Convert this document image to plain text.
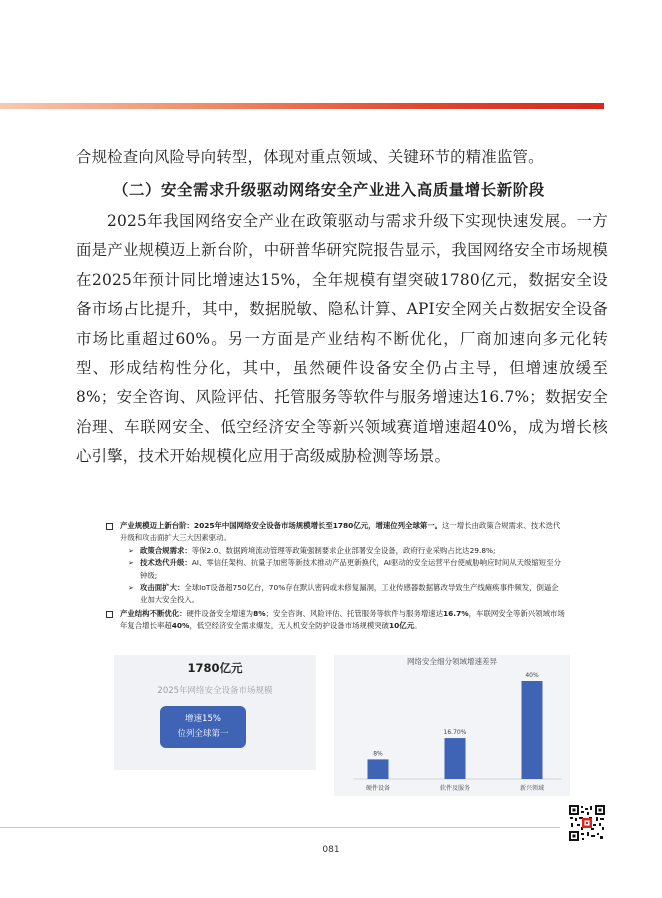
合规检查向风险导向转型，体现对重点领域、关键环节的精准监管。

（二）安全需求升级驱动网络安全产业进入高质量增长新阶段

2025年我国网络安全产业在政策驱动与需求升级下实现快速发展。一方面是产业规模迈上新台阶，中研普华研究院报告显示，我国网络安全市场规模在2025年预计同比增速达15%，全年规模有望突破1780亿元，数据安全设备市场占比提升，其中，数据脱敏、隐私计算、API安全网关占数据安全设备市场比重超过60%。另一方面是产业结构不断优化，厂商加速向多元化转型、形成结构性分化，其中，虽然硬件设备安全仍占主导，但增速放缓至8%；安全咨询、风险评估、托管服务等软件与服务增速达16.7%；数据安全治理、车联网安全、低空经济安全等新兴领域赛道增速超40%，成为增长核心引擎，技术开始规模化应用于高级威胁检测等场景。

产业规模迈上新台阶：2025年中国网络安全设备市场规模增长至1780亿元，增速位列全球第一。这一增长由政策合规需求、技术迭代升级和攻击面扩大三大因素驱动。
➢ 政策合规需求：等保2.0、数据跨境流动管理等政策强制要求企业部署安全设备，政府行业采购占比达29.8%;
➢ 技术迭代升级：AI、零信任架构、抗量子加密等新技术推动产品更新换代，AI驱动的安全运营平台使威胁响应时间从天级缩短至分钟级;
➢ 攻击面扩大：全球IoT设备超750亿台，70%存在默认密码或未修复漏洞，工业传感器数据篡改导致生产线瘫痪事件频发，倒逼企业加大安全投入。
产业结构不断优化：硬件设备安全增速为8%；安全咨询、风险评估、托管服务等软件与服务增速达16.7%，车联网安全等新兴领域市场年复合增长率超40%，低空经济安全需求爆发，无人机安全防护设备市场规模突破10亿元。
1780亿元
2025年网络安全设备市场规模
增速15%
位列全球第一
网络安全细分领域增速差异
8%
硬件设备
16.70%
软件及服务
40%
新兴领域
081
